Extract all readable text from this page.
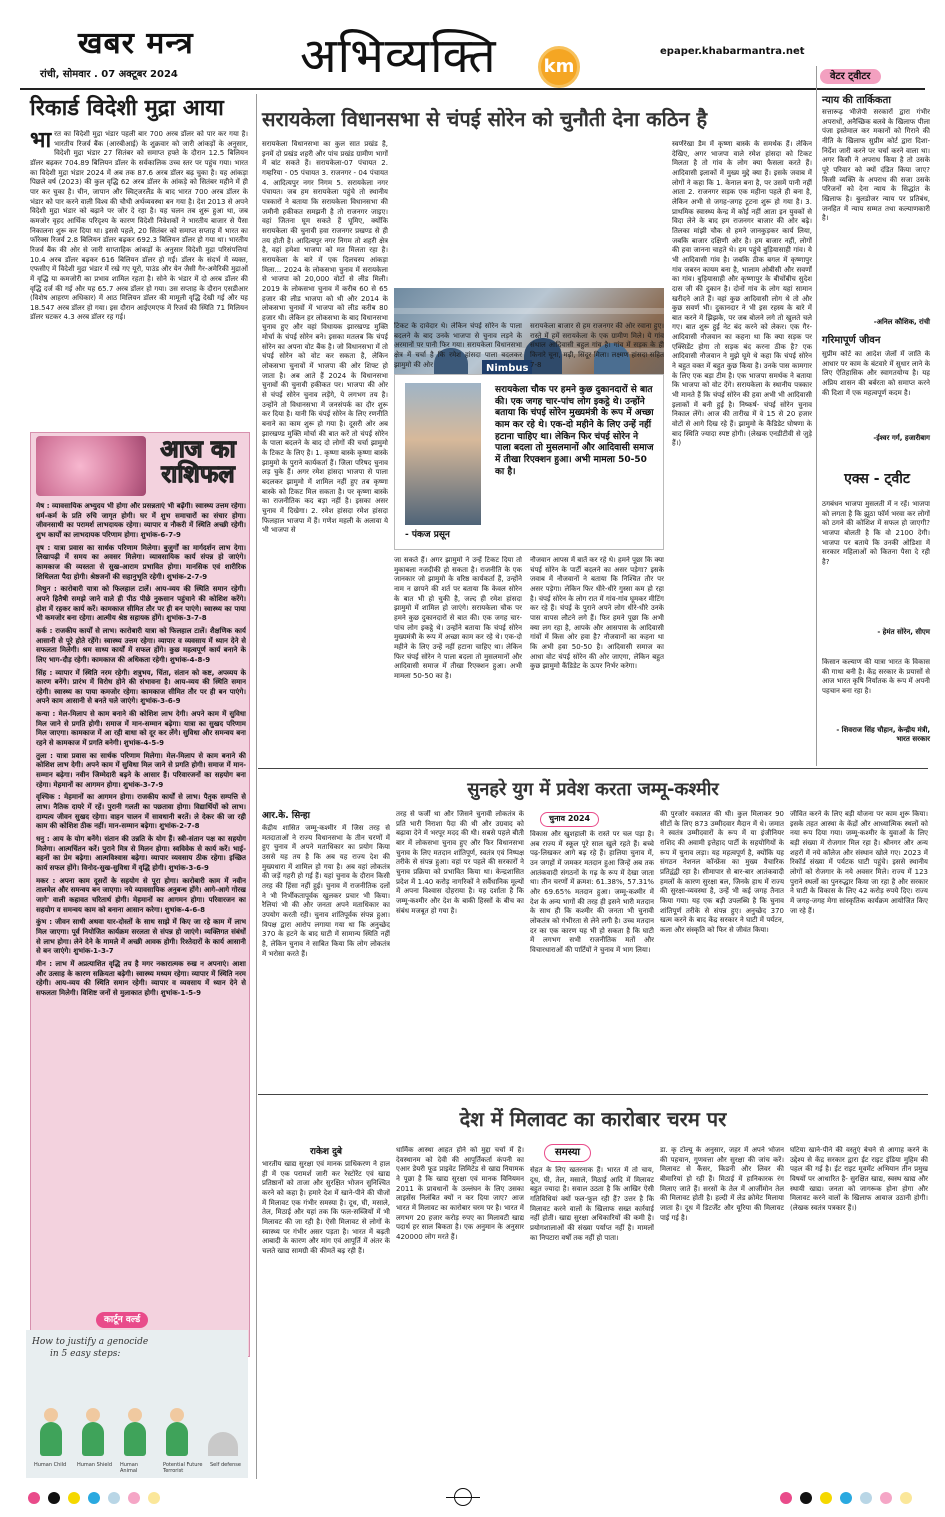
खबर मन्त्र
रांची, सोमवार . 07 अक्टूबर 2024	अभिव्यक्ति	km
epaper.khabarmantra.net
रिकार्ड विदेशी मुद्रा आया
भा रत का विदेशी मुद्रा भंडार पहली बार 700 अरब डॉलर को पार कर गया है। भारतीय रिजर्व बैंक (आरबीआई) के शुक्रवार को जारी आंकड़ों के अनुसार, विदेशी मुद्रा भंडार 27 सितंबर को समाप्त हफ्ते के दौरान 12.5 बिलियन डॉलर बढ़कर 704.89 बिलियन डॉलर के सर्वकालिक उच्च स्तर पर पहुंच गया। भारत का विदेशी मुद्रा भंडार 2024 में अब तक 87.6 अरब डॉलर बढ़ चुका है। यह आंकड़ा पिछले वर्ष (2023) की कुल वृद्धि 62 अरब डॉलर के आंकड़े को सितंबर महीने में ही पार कर चुका है। चीन, जापान और स्विट्जरलैंड के बाद भारत 700 अरब डॉलर के भंडार को पार करने वाली विश्व की चौथी अर्थव्यवस्था बन गया है। देश 2013 से अपने विदेशी मुद्रा भंडार को बढ़ाने पर जोर दे रहा है। यह चलन तब शुरू हुआ था, जब कमजोर वृहद आर्थिक परिदृश्य के कारण विदेशी निवेशकों ने भारतीय बाजार से पैसा निकालना शुरू कर दिया था। इससे पहले, 20 सितंबर को समाप्त सप्ताह में भारत का फॉरेक्स रिजर्व 2.8 बिलियन डॉलर बढ़कर 692.3 बिलियन डॉलर हो गया था। भारतीय रिजर्व बैंक की ओर से जारी साप्ताहिक आंकड़ों के अनुसार विदेशी मुद्रा परिसंपत्तियां 10.4 अरब डॉलर बढ़कर 616 बिलियन डॉलर हो गईं। डॉलर के संदर्भ में व्यक्त, एफसीए में विदेशी मुद्रा भंडार में रखे गए यूरो, पाउंड और येन जैसी गैर-अमेरिकी मुद्राओं में वृद्धि या कमजोरी का प्रभाव शामिल रहता है। सोने के भंडार में दो अरब डॉलर की वृद्धि दर्ज की गई और यह 65.7 अरब डॉलर हो गया। उस सप्ताह के दौरान एसडीआर (विशेष आहरण अधिकार) में आठ मिलियन डॉलर की मामूली वृद्धि देखी गई और यह 18.547 अरब डॉलर हो गया। इस दौरान आईएमएफ में रिजर्व की स्थिति 71 मिलियन डॉलर घटकर 4.3 अरब डॉलर रह गई।
आज का
राशिफल

मेष : व्यावसायिक अभ्युदय भी होगा और प्रसन्नताएं भी बढ़ेंगी। स्वास्थ्य उत्तम रहेगा। धर्म-कर्म के प्रति रुचि जागृत होगी। घर में शुभ समाचारों का संचार होगा। जीवनसाथी का परामर्श लाभदायक रहेगा। व्यापार व नौकरी में स्थिति अच्छी रहेगी। शुभ कार्यों का लाभदायक परिणाम होगा। शुभांक-6-7-9

वृष : यात्रा प्रवास का सार्थक परिणाम मिलेगा। बुजुर्गों का मार्गदर्शन लाभ देगा। लिखापढ़ी में समय का अवसर मिलेगा। व्यावसायिक कार्य संपन्न हो जाएंगे। कामकाज की व्यस्तता से सुख-आराम प्रभावित होगा। मानसिक एवं शारीरिक शिथिलता पैदा होगी। श्रेष्ठजनों की सहानुभूति रहेगी। शुभांक-2-7-9

मिथुन : कारोबारी यात्रा को फिलहाल टालें। आय-व्यय की स्थिति समान रहेगी। अपने हितैषी समझे जाने वाले ही पीठ पीछे नुकसान पहुंचाने की कोशिश करेंगे। होश में रहकर कार्य करें। कामकाज सीमित तौर पर ही बन पाएंगे। स्वास्थ्य का पाया भी कमजोर बना रहेगा। आत्मीय श्रेष्ठ सहायक होंगे। शुभांक-3-7-8

कर्क : राजकीय कार्यों से लाभ। कारोबारी यात्रा को फिलहाल टालें। शैक्षणिक कार्य आसानी से पूरे होते रहेंगे। स्वास्थ्य उत्तम रहेगा। व्यापार व व्यवसाय में ध्यान देने से सफलता मिलेगी। श्रम साध्य कार्यों में सफल होंगे। कुछ महत्वपूर्ण कार्य बनाने के लिए भाग-दौड़ रहेगी। कामकाज की अधिकता रहेगी। शुभांक-4-8-9

सिंह : व्यापार में स्थिति नरम रहेगी। शत्रुभय, चिंता, संतान को कष्ट, अपव्यय के कारण बनेंगे। प्रारंभ में विरोध होने की संभावना है। आय-व्यय की स्थिति समान रहेगी। स्वास्थ्य का पाया कमजोर रहेगा। कामकाज सीमित तौर पर ही बन पाएंगे। अपने काम आसानी से बनते चले जाएंगे। शुभांक-3-6-9

कन्या : मेल-मिलाप से काम बनाने की कोशिश लाभ देगी। अपने काम में सुविधा मिल जाने से प्रगति होगी। समाज में मान-सम्मान बढ़ेगा। यात्रा का सुखद परिणाम मिल जाएगा। कामकाज में आ रही बाधा को दूर कर लेंगे। सुविधा और समन्वय बना रहने से कामकाज में प्रगति बनेगी। शुभांक-4-5-9

तुला : यात्रा प्रवास का सार्थक परिणाम मिलेगा। मेल-मिलाप से काम बनाने की कोशिश लाभ देगी। अपने काम में सुविधा मिल जाने से प्रगति होगी। समाज में मान-सम्मान बढ़ेगा। नवीन जिम्मेदारी बढ़ने के आसार हैं। परिवारजनों का सहयोग बना रहेगा। मेहमानों का आगमन होगा। शुभांक-3-7-9

वृश्चिक : मेहमानों का आगमन होगा। राजकीय कार्यों से लाभ। पैतृक सम्पत्ति से लाभ। नैतिक दायरे में रहें। पुरानी गलती का पछतावा होगा। विद्यार्थियों को लाभ। दाम्पत्य जीवन सुखद रहेगा। वाहन चालन में सावधानी बरतें। ले देकर की जा रही काम की कोशिश ठीक नहीं। मान-सम्मान बढ़ेगा। शुभांक-2-7-8

धनु : आय के योग बनेंगे। संतान की उन्नति के योग हैं। स्त्री-संतान पक्ष का सहयोग मिलेगा। आत्मचिंतन करें। पुराने मित्र से मिलन होगा। स्वविवेक से कार्य करें। भाई-बहनों का प्रेम बढ़ेगा। आत्मविश्वास बढ़ेगा। व्यापार व्यवसाय ठीक रहेगा। इच्छित कार्य सफल होंगे। विनोद-सुख-सुविधा में वृद्धि होगी। शुभांक-3-6-9

मकर : अपना काम दूसरों के सहयोग से पूरा होगा। कारोबारी काम में नवीन तालमेल और समन्वय बन जाएगा। नये व्यावसायिक अनुबन्ध होंगे। आगे-आगे गोरख जागे' वाली कहावत चरितार्थ होगी। मेहमानों का आगमन होगा। परिवारजन का सहयोग व समन्वय काम को बनाना आसान करेगा। शुभांक-4-6-8

कुंभ : जीवन साथी अथवा यार-दोस्तों के साथ साझे में किए जा रहे काम में लाभ मिल जाएगा। पूर्व नियोजित कार्यक्रम सरलता से संपन्न हो जाएंगे। व्यक्तिगत संबंधों से लाभ होगा। लेने देने के मामले में अच्छी आवक होगी। रिश्तेदारों के कार्य आसानी से बन जाएंगे। शुभांक-1-3-7

मीन : लाभ में अप्रत्याशित वृद्धि तय है मगर नकारात्मक रुख न अपनाएं। आशा और उत्साह के कारण सक्रियता बढ़ेगी। स्वास्थ्य मध्यम रहेगा। व्यापार में स्थिति नरम रहेगी। आय-व्यय की स्थिति समान रहेगी। व्यापार व व्यवसाय में ध्यान देने से सफलता मिलेगी। विशिष्ट जनों से मुलाकात होगी। शुभांक-1-5-9

कार्टून वर्ल्ड
How to justify a genocide
in 5 easy steps:
Human Child	Human Shield Human Animal
Potential Future Terrorist
Self defense
सरायकेला विधानसभा से चंपई सोरेन को चुनौती देना कठिन है
सरायकेला विधानसभा का कुल सात प्रखंड है, इनमें दो प्रखंड शहरी और पांच प्रखंड ग्रामीण भागों में बांट सकते हैं। सरायकेला-07 पंचायत 2. गम्हरिया - 05 पंचायत 3. राजनगर - 04 पंचायत 4. आदित्यपुर नगर निगम 5. सरायकेला नगर पंचायत। जब हम सरायकेला पहुंचे तो स्थानीय पत्रकारों ने बताया कि सरायकेला विधानसभा की जमीनी हकीकत समझनी है तो राजनगर जाइए। वहां जितना घूम सकते हैं घूमिए, क्योंकि सरायकेला की चुनावी हवा राजनगर प्रखण्ड से ही तय होती है। आदित्यपुर नगर निगम तो शहरी क्षेत्र है, वहां हमेशा भाजपा को मत मिलता रहा है। सरायकेला के बारे में एक दिलचस्प आंकड़ा मिला... 2024 के लोकसभा चुनाव में सरायकेला से भाजपा को 20,000 वोटों से लीड मिली। 2019 के लोकसभा चुनाव में करीब 60 से 65 हजार की लीड भाजपा को थी और 2014 के लोकसभा चुनावों में भाजपा को लीड करीब 80 हजार थी। लेकिन हर लोकसभा के बाद विधानसभा चुनाव हुए और वहां विधायक झारखण्ड मुक्ति मोर्चा के चंपई सोरेन बने। इसका मतलब कि चंपई सोरेन का अपना वोट बैंक है। जो विधानसभा में तो चंपई सोरेन को वोट कर सकता है, लेकिन लोकसभा चुनावों में भाजपा की ओर शिफ्ट हो जाता है। अब आते हैं 2024 के विधानसभा चुनावों की चुनावी हकीकत पर। भाजपा की ओर से चंपई सोरेन चुनाव लड़ेंगे, ये लगभग तय है। उन्होंने तो विधानसभा में जनसंपर्क का दौर शुरू कर दिया है। यानी कि चंपई सोरेन के लिए रणनीति बनाने का काम शुरू हो गया है। दूसरी ओर अब झारखण्ड मुक्ति मोर्चा की बात करें तो चंपई सोरेन के पाला बदलने के बाद दो लोगों की चर्चा झामुमो के टिकट के लिए है। 1. कृष्णा बास्के कृष्णा बास्के झामुमो के पुराने कार्यकर्ता हैं। जिला परिषद चुनाव लड़ चुके हैं। अगर रमेश हांसदा भाजपा से पाला बदलकर झामुमो में शामिल नहीं हुए तब कृष्णा बास्के को टिकट मिल सकता है। पर कृष्णा बास्के का राजनीतिक कद बड़ा नहीं है। इसका असर चुनाव में दिखेगा। 2. रमेश हांसदा रमेश हांसदा फिलहाल भाजपा में हैं। गणेश महली के अलावा ये भी भाजपा से
Nimbus
टिकट के दावेदार थे। लेकिन चंपई सोरेन के पाला बदलने के बाद उनके भाजपा से चुनाव लड़ने के अरमानों पर पानी फिर गया। सरायकेला विधानसभा क्षेत्र में चर्चा है कि रमेश हांसदा पाला बदलकर झामुमो की ओर
सरायकेला बाजार से हम राजनगर की ओर रवाना हुए। रास्ते में हमें सरायकेला के एक ग्रामीण मिले। ये गांव संथाल आदिवासी बहुल गांव है। गांव में सड़क के ही किनारे चूना, मढ़ी, सिंदूर मिला। लक्ष्मण हांसदा सहित 7-8
- पंकज प्रसून
सरायकेला चौक पर हमने कुछ दुकानदारों से बात की। एक जगह चार-पांच लोग इकट्ठे थे। उन्होंने बताया कि चंपई सोरेन मुख्यमंत्री के रूप में अच्छा काम कर रहे थे। एक-दो महीने के लिए उन्हें नहीं हटाना चाहिए था। लेकिन फिर चंपई सोरेन ने पाला बदला तो मुसलमानों और आदिवासी समाज में तीखा रिएक्शन हुआ। अभी मामला 50-50 का है।
जा सकते हैं। अगर झामुमो ने उन्हें टिकट दिया तो मुकाबला नजदीकी हो सकता है। राजनीति के एक जानकार जो झामुमो के वरिष्ठ कार्यकर्ता हैं, उन्होंने नाम न छापने की शर्त पर बताया कि केवल सोरेन के बात भी हो चुकी है, जल्द ही रमेश हांसदा झामुमो में शामिल हो जाएंगे। सरायकेला चौक पर हमने कुछ दुकानदारों से बात की। एक जगह चार-पांच लोग इकट्ठे थे। उन्होंने बताया कि चंपई सोरेन मुख्यमंत्री के रूप में अच्छा काम कर रहे थे। एक-दो महीने के लिए उन्हें नहीं हटाना चाहिए था। लेकिन फिर चंपई सोरेन ने पाला बदला तो मुसलमानों और आदिवासी समाज में तीखा रिएक्शन हुआ। अभी मामला 50-50 का है।
नौजवान आपस में बातें कर रहे थे। हमने पूछा कि क्या चंपई सोरेन के पार्टी बदलने का असर पड़ेगा? इसके जवाब में नौजवानों ने बताया कि निश्चित तौर पर असर पड़ेगा। लेकिन फिर धीरे-धीरे गुस्सा कम हो रहा है। चंपई सोरेन के लोग रात में गांव-गांव घूमकर मीटिंग कर रहे हैं। चंपई के पुराने अपने लोग धीरे-धीरे उनके पास वापस लौटने लगे हैं। फिर हमने पूछा कि अभी क्या लग रहा है, आपके और आसपास के आदिवासी गांवों में किस ओर हवा है? नौजवानों का कहना था कि अभी हवा 50-50 है। आदिवासी समाज का आधा वोट चंपई सोरेन की ओर जाएगा, लेकिन बहुत कुछ झामुमो कैंडिडेट के ऊपर निर्भर करेगा।
स्वर्णरेखा डैम में कृष्णा बास्के के समर्थक हैं। लेकिन देखिए, अगर भाजपा वाले रमेश हांसदा को टिकट मिलता है तो गांव के लोग क्या फैसला करते हैं। आदिवासी इलाकों में मुख्य मुद्दे क्या हैं। इसके जवाब में लोगों ने कहा कि 1. केनाल बना है, पर उसमें पानी नहीं आता 2. राजनगर सड़क एक महीना पहले ही बना है, लेकिन अभी से जगह-जगह टूटना शुरू हो गया है। 3. प्राथमिक स्वास्थ्य केन्द्र में कोई नहीं आता इन युवकों से विदा लेने के बाद हम राजनगर बाजार की ओर बढ़े। तिलका मांझी चौक से हमने जानकुड़कर कार्य लिया, जबकि बाजार दक्षिणी ओर है। हम बाजार नहीं, लोगों की हवा जानना चाहते थे। हम पहुंचे बुड़ियासाही गांव। ये भी आदिवासी गांव है। जबकि ठीक बगल में कृष्णापुर गांव जबरन कायम बना है, भालाम ओबीसी और सवर्णों का गांव। बुड़ियासाही और कृष्णापुर के बीचोंबीच सुदेश दास जी की दुकान है। दोनों गांव के लोग यहां सामान खरीदने आते हैं। वहां कुछ आदिवासी लोग थे तो और कुछ सवर्ण भी। दुकानदार ने भी इस रहस्य के बारे में बात करने में झिझके, पर जब बोलने लगे तो खुलते चले गए। बात शुरू हुई नेट बंद करने को लेकर। एक गैर-आदिवासी नौजवान का कहना था कि क्या सड़क पर एक्सिडेंट होगा तो सड़क बंद करना ठीक है? एक आदिवासी नौजवान ने मुझे घूमे थे कहा कि चंपई सोरेन ने बहुत वक्त में बहुत कुछ किया है। उनके पास कामगार के लिए एक बड़ा टीम है। एक भाजपा समर्थक ने बताया कि भाजपा को वोट देंगे। सरायकेला के स्थानीय पत्रकार भी मानते हैं कि चंपई सोरेन की हवा अभी भी आदिवासी इलाकों में बनी हुई है। निष्कर्ष- चंपई सोरेन चुनाव निकाल लेंगे। आज की तारीख में वे 15 से 20 हजार वोटों से आगे दिख रहे हैं। झामुमो के कैंडिडेट घोषणा के बाद स्थिति ज्यादा स्पष्ट होगी। (लेखक एनडीटीवी से जुड़े हैं।)
वेटर ट्वीटर
न्याय की तार्किकता
सत्तारूढ़ भीजेपी सरकारों द्वारा गंभीर अपराधों, अनैच्छिक बलवे के खिलाफ पीला पंजा इस्तेमाल कर मकानों को गिराने की नीति के खिलाफ सुप्रीम कोर्ट द्वारा दिशा-निर्देश जारी करने पर चर्चा करने वाला था। अगर किसी ने अपराध किया है तो उसके पूरे परिवार को क्यों दंडित किया जाए? किसी व्यक्ति के अपराध की सजा उसके परिजनों को देना न्याय के सिद्धांत के खिलाफ है। बुलडोजर न्याय पर प्रतिबंध, जनहित में न्याय सम्मत तथा कल्याणकारी है।
-अनिल कौशिक, रांची
गरिमापूर्ण जीवन
सुप्रीम कोर्ट का आदेश जेलों में जाति के आधार पर काम के बंटवारे में सुधार लाने के लिए ऐतिहासिक और स्वागतयोग्य है। यह अप्रिय शासन की बर्बरता को समाप्त करने की दिशा में एक महत्वपूर्ण कदम है।
-ईश्वर गर्ग, हजारीबाग
एक्स - ट्वीट
ठगबंधन भाजपा मुसलती में न रहें। भाजपा को लगता है कि झूठा फॉर्म भरवा कर लोगों को ठगने की कोशिश में सफल हो जाएगी? भाजपा बोलती है कि वो 2100 देगी। भाजपा पर बताये कि उनकी ओडिशा में सरकार महिलाओं को कितना पैसा दे रही है?
- हेमंत सोरेन, सीएम
किसान कल्याण की यात्रा भारत के विकास की गाथा बनी है। केंद्र सरकार के प्रयासों से आज भारत कृषि निर्यातक के रूप में अपनी पहचान बना रहा है।
- शिवराज सिंह चौहान, केन्द्रीय मंत्री, भारत सरकार
सुनहरे युग में प्रवेश करता जम्मू-कश्मीर
आर.के. सिन्हा
केंद्रीय शासित जम्मू-कश्मीर में जिस तरह से मतदाताओं ने राज्य विधानसभा के तीन चरणों में हुए चुनाव में अपने मताधिकार का प्रयोग किया उससे यह तय है कि अब यह राज्य देश की मुख्यधारा में शामिल हो गया है। अब वहां लोकतंत्र की जड़ें गहरी हो गई हैं। यहां चुनाव के दौरान किसी तरह की हिंसा नहीं हुई। चुनाव में राजनीतिक दलों ने भी निर्भीकतापूर्वक खुलकर प्रचार भी किया। रैलियां भी की और जनता अपने मताधिकार का उपयोग करती रही। चुनाव शांतिपूर्वक संपन्न हुआ। विपक्ष द्वारा आरोप लगाया गया था कि अनुच्छेद 370 के हटने के बाद घाटी में सामान्य स्थिति नहीं है, लेकिन चुनाव ने साबित किया कि लोग लोकतंत्र में भरोसा करते हैं।
तरह से फर्जी था और जिसने चुनावी लोकतंत्र के प्रति भारी निराशा पैदा की थी और उग्रवाद को बढ़ावा देने में भरपूर मदद की थी। सबसे पहले बीती बार में लोकसभा चुनाव हुए और फिर विधानसभा चुनाव के लिए मतदान शांतिपूर्ण, स्वतंत्र एवं निष्पक्ष तरीके से संपन्न हुआ। वहां पर पहले की सरकारों ने चुनाव प्रक्रिया को प्रभावित किया था। केन्द्रशासित प्रदेश में 1.40 करोड़ नागरिकों ने सर्वैधानिक मूल्यों में अपना विश्वास दोहराया है। यह दर्शाता है कि जम्मू-कश्मीर और देश के बाकी हिस्सों के बीच का संबंध मजबूत हो गया है।
चुनाव 2024
विकास और खुशहाली के रास्ते पर चल पड़ा है। अब राज्य में स्कूल पूरे साल खुले रहते हैं। बच्चे पढ़-लिखकर आगे बढ़ रहे हैं। हालिया चुनाव में, उन जगहों में जमकर मतदान हुआ जिन्हें अब तक आतंकवादी संगठनों के गढ़ के रूप में देखा जाता था। तीन चरणों में क्रमश: 61.38%, 57.31% और 69.65% मतदान हुआ। जम्मू-कश्मीर में देश के अन्य भागों की तरह ही इसने भारी मतदान के साथ ही कि कश्मीर की जनता भी चुनावी लोकतंत्र को गंभीरता से लेने लगी है। उच्च मतदान दर का एक कारण यह भी हो सकता है कि घाटी में लगभग सभी राजनीतिक मतों और विचारधाराओं की पार्टियों ने चुनाव में भाग लिया।
की पुरजोर वकालत की थी। कुल मिलाकर 90 सीटों के लिए 873 उम्मीदवार मैदान में थे। जमात ने स्वतंत्र उम्मीदवारों के रूप में या इंजीनियर राशिद की अवामी इत्तेहाद पार्टी के सहयोगियों के रूप में चुनाव लड़ा। यह महत्वपूर्ण है, क्योंकि यह संगठन नेशनल कॉन्फ्रेंस का मुख्य वैचारिक प्रतिद्वंद्वी रहा है। सीमापार से बार-बार आतंकवादी हमलों के कारण सुरक्षा बल, जिनके हाथ में राज्य की सुरक्षा-व्यवस्था है, उन्हें भी कई जगह तैनात किया गया। यह एक बड़ी उपलब्धि है कि चुनाव शांतिपूर्ण तरीके से संपन्न हुए। अनुच्छेद 370 खत्म करने के बाद केंद्र सरकार ने घाटी में पर्यटन, कला और संस्कृति को फिर से जीवंत किया।
जीवित करने के लिए बड़ी योजना पर काम शुरू किया। इसके तहत आस्था के केंद्रों और आध्यात्मिक स्थलों को नया रूप दिया गया। जम्मू-कश्मीर के युवाओं के लिए बड़ी संख्या में रोजगार मिल रहा है। श्रीनगर और अन्य शहरों में नये कॉलेज और संस्थान खोले गए। 2023 में रिकॉर्ड संख्या में पर्यटक घाटी पहुंचे। इससे स्थानीय लोगों को रोजगार के नये अवसर मिले। राज्य में 123 पुराने स्थलों का पुनरुद्धार किया जा रहा है और सरकार ने घाटी के विकास के लिए 42 करोड़ रुपये दिए। राज्य में जगह-जगह मेगा सांस्कृतिक कार्यक्रम आयोजित किए जा रहे हैं।
देश में मिलावट का कारोबार चरम पर
राकेश दुबे
भारतीय खाद्य सुरक्षा एवं मानक प्राधिकरण ने हाल ही में एक परामर्श जारी कर रेस्टोरेंट एवं खाद्य प्रतिष्ठानों को ताजा और सुरक्षित भोजन सुनिश्चित करने को कहा है। हमारे देश में खाने-पीने की चीजों में मिलावट एक गंभीर समस्या है। दूध, घी, मसाले, तेल, मिठाई और यहां तक कि फल-सब्जियों में भी मिलावट की जा रही है। ऐसी मिलावट से लोगों के स्वास्थ्य पर गंभीर असर पड़ता है। भारत में बढ़ती आबादी के कारण और मांग एवं आपूर्ति में अंतर के चलते खाद्य सामग्री की कीमतें बढ़ रही हैं।
धार्मिक आस्था आहत होने को मुद्दा चर्चा में है। देवस्थानम को देवी की आपूर्तिकर्ता कंपनी का एआर डेयरी फूड प्राइवेट लिमिटेड से खाद्य नियामक ने पूछा है कि खाद्य सुरक्षा एवं मानक विनियमन 2011 के प्रावधानों के उल्लंघन के लिए उसका लाइसेंस निलंबित क्यों न कर दिया जाए? आज भारत में मिलावट का कारोबार चरम पर है। भारत में लगभग 20 हजार करोड़ रुपए का मिलावटी खाद्य पदार्थ हर साल बिकता है। एक अनुमान के अनुसार 420000 लोग मरते हैं।
समस्या
सेहत के लिए खतरनाक हैं। भारत में तो चाय, दूध, घी, तेल, मसाले, मिठाई आदि में मिलावट बहुत ज्यादा है। सवाल उठता है कि आखिर ऐसी गतिविधियां क्यों फल-फूल रही हैं? उत्तर है कि मिलावट करने वालों के खिलाफ सख्त कार्रवाई नहीं होती। खाद्य सुरक्षा अधिकारियों की कमी है। प्रयोगशालाओं की संख्या पर्याप्त नहीं है। मामलों का निपटारा वर्षों तक नहीं हो पाता।
डा. कृ टोल्यू के अनुसार, जहर में अपने भोजन की पहचान, गुणवत्ता और सुरक्षा की जांच करें। मिलावट से कैंसर, किडनी और लिवर की बीमारियां हो रही हैं। मिठाई में हानिकारक रंग मिलाए जाते हैं। सरसों के तेल में आर्जीमोन तेल की मिलावट होती है। हल्दी में लेड क्रोमेट मिलाया जाता है। दूध में डिटर्जेंट और यूरिया की मिलावट पाई गई है।
घटिया खाने-पीने की वस्तुएं बेचने से आगाह करने के उद्देश्य से केंद्र सरकार द्वारा ईट राइट इंडिया मुहिम की पहल की गई है। ईट राइट मूवमेंट अभियान तीन प्रमुख विषयों पर आधारित है- सुरक्षित खाद्य, स्वस्थ खाद्य और स्थायी खाद्य। जनता को जागरूक होना होगा और मिलावट करने वालों के खिलाफ आवाज उठानी होगी। (लेखक स्वतंत्र पत्रकार हैं।)
